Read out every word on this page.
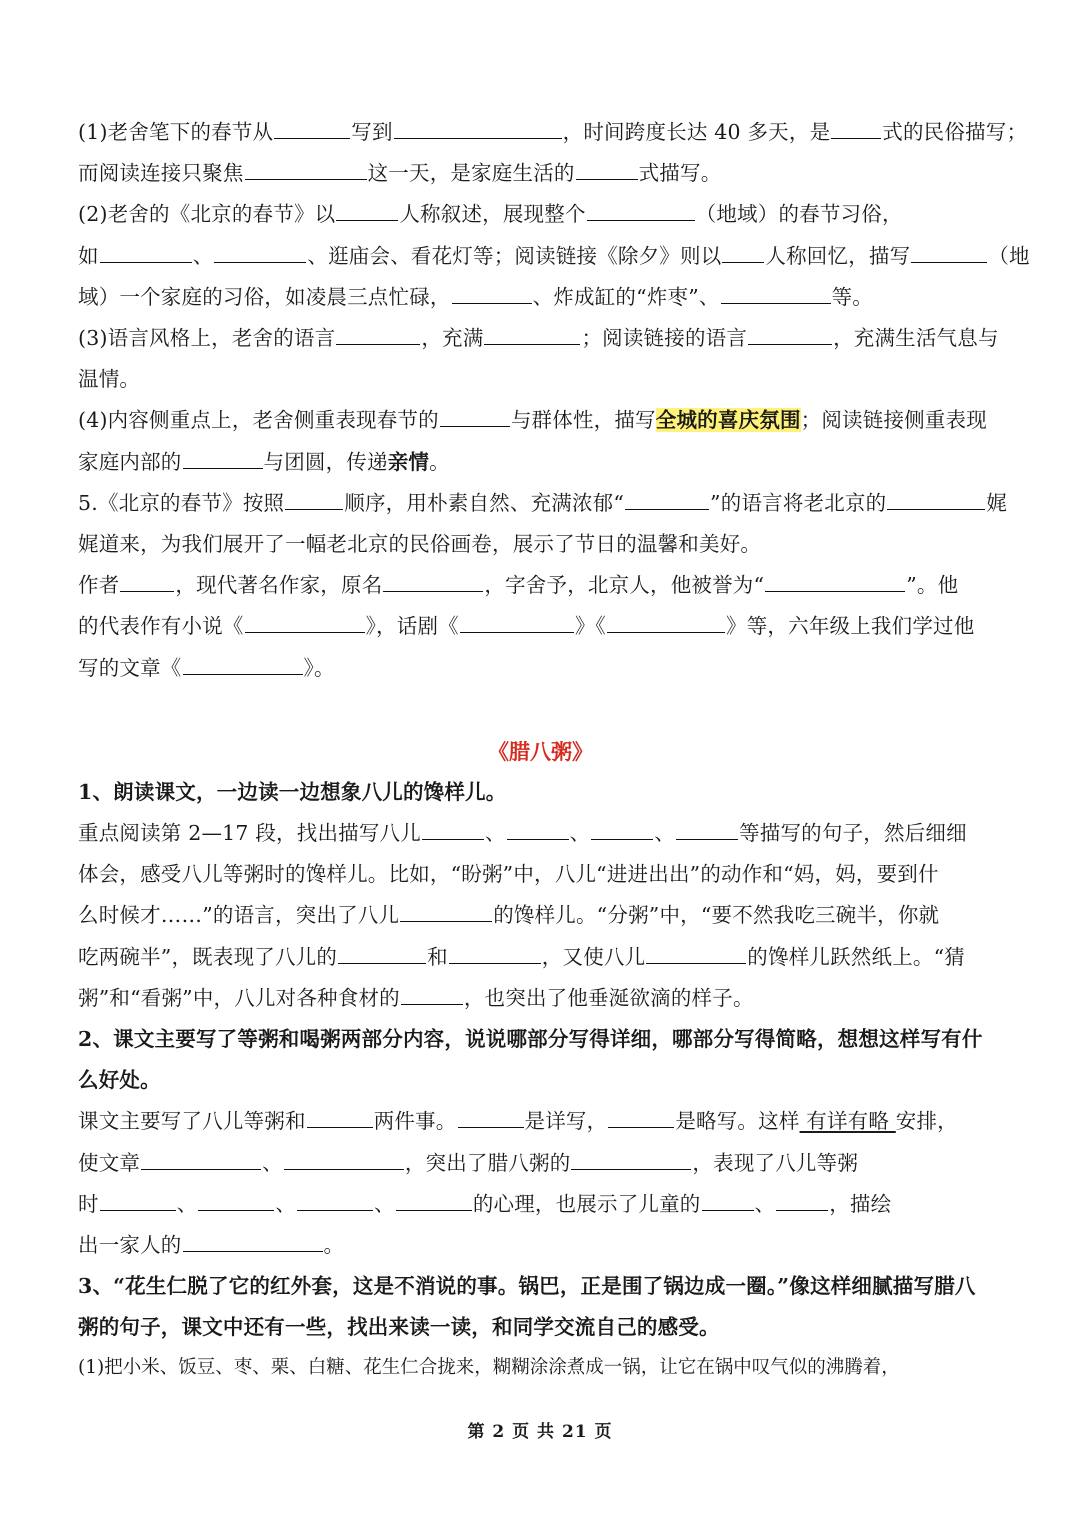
(1)老舍笔下的春节从	写到	，时间跨度长达 40 多天，是	式的民俗描写；
而阅读连接只聚焦	这一天，是家庭生活的	式描写。
(2)老舍的《北京的春节》以	人称叙述，展现整个	（地域）的春节习俗，
如	、	、逛庙会、看花灯等；阅读链接《除夕》则以 人称回忆，描写	（地
域）一个家庭的习俗，如凌晨三点忙碌，	、炸成缸的“炸枣”、	等。
(3)语言风格上，老舍的语言	，充满	；阅读链接的语言	，充满生活气息与
温情。
(4)内容侧重点上，老舍侧重表现春节的	与群体性，描写全城的喜庆氛围；阅读链接侧重表现
家庭内部的	与团圆，传递亲情。
5.《北京的春节》按照	顺序，用朴素自然、充满浓郁“	”的语言将老北京的	娓
娓道来，为我们展开了一幅老北京的民俗画卷，展示了节日的温馨和美好。
作者	，现代著名作家，原名	，字舍予，北京人，他被誉为“	”。他
的代表作有小说《	》，话剧《	》《	》等，六年级上我们学过他
写的文章《	》。
《腊八粥》
1、朗读课文，一边读一边想象八儿的馋样儿。
重点阅读第 2—17 段，找出描写八儿	、	、	、	等描写的句子，然后细细
体会，感受八儿等粥时的馋样儿。比如，“盼粥”中，八儿“进进出出”的动作和“妈，妈，要到什
么时候才……”的语言，突出了八儿	的馋样儿。“分粥”中，“要不然我吃三碗半，你就
吃两碗半”，既表现了八儿的	和	，又使八儿	的馋样儿跃然纸上。“猜
粥”和“看粥”中，八儿对各种食材的	，也突出了他垂涎欲滴的样子。
2、课文主要写了等粥和喝粥两部分内容，说说哪部分写得详细，哪部分写得简略，想想这样写有什
么好处。
课文主要写了八儿等粥和	两件事。	是详写，	是略写。这样 有详有略 安排，
使文章	、	，突出了腊八粥的	，表现了八儿等粥
时	、	、	、	的心理，也展示了儿童的	、	，描绘
出一家人的	。
3、“花生仁脱了它的红外套，这是不消说的事。锅巴，正是围了锅边成一圈。”像这样细腻描写腊八
粥的句子，课文中还有一些，找出来读一读，和同学交流自己的感受。
(1)把小米、饭豆、枣、栗、白糖、花生仁合拢来，糊糊涂涂煮成一锅，让它在锅中叹气似的沸腾着，
第 2 页 共 21 页
